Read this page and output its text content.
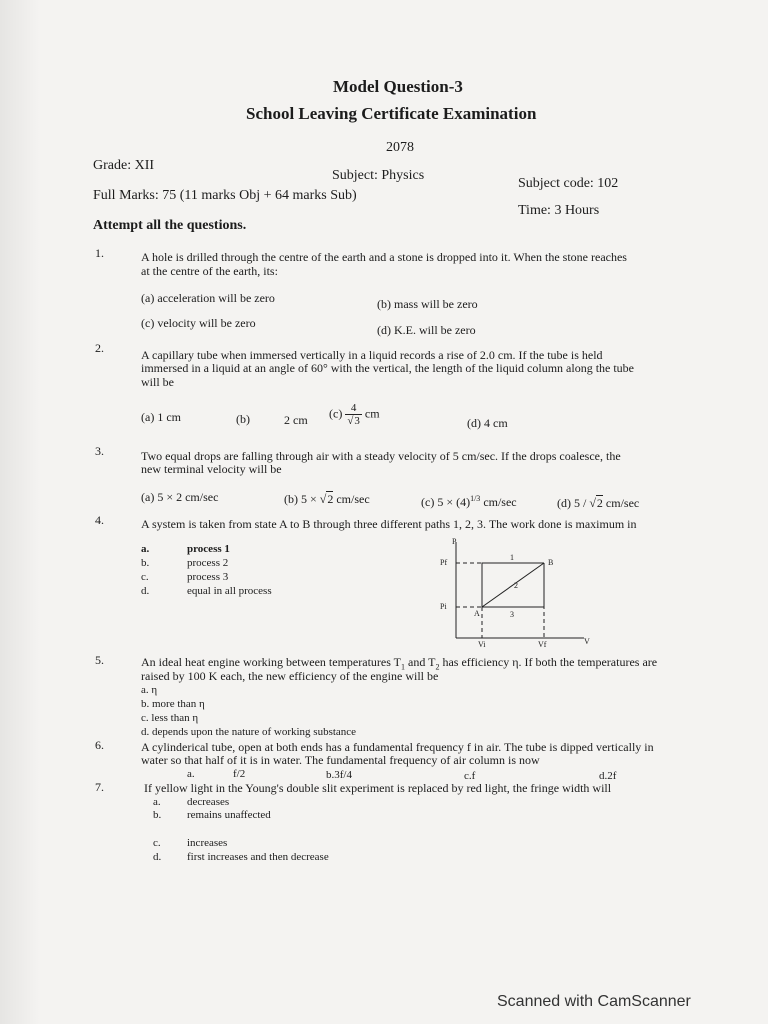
Model Question-3
School Leaving Certificate Examination
2078
Grade: XII
Subject: Physics
Subject code: 102
Full Marks: 75 (11 marks Obj + 64 marks Sub)
Time: 3 Hours
Attempt all the questions.
1.	A hole is drilled through the centre of the earth and a stone is dropped into it. When the stone reaches
at the centre of the earth, its:
(a) acceleration will be zero	(b) mass will be zero
(c) velocity will be zero	(d) K.E. will be zero
2.	A capillary tube when immersed vertically in a liquid records a rise of 2.0 cm. If the tube is held
immersed in a liquid at an angle of 60° with the vertical, the length of the liquid column along the tube
will be
(a) 1 cm	(b)	2 cm $(c) \frac{4}{√3}$ cm
(d) 4 cm
3.	Two equal drops are falling through air with a steady velocity of 5 cm/sec. If the drops coalesce, the
new terminal velocity will be
(a) 5 × 2 cm/sec	(b) 5 × √2 cm/sec	(c) $5 \times (4)^{1/3}$ cm/sec	(d) 5 / √2 cm/sec
4.	A system is taken from state A to B through three different paths 1, 2, 3. The work done is maximum in
a.	process 1
b.	process 2
c.	process 3
d.	equal in all process
P
V
Pf
Pi
Vi	Vf
A
B
1
2
3
5.	An ideal heat engine working between temperatures $T_1$ and $T_2$ has efficiency η. If both the temperatures are
raised by 100 K each, the new efficiency of the engine will be
a. η
b. more than η
c. less than η
d. depends upon the nature of working substance
6.	A cylinderical tube, open at both ends has a fundamental frequency f in air. The tube is dipped vertically in
water so that half of it is in water. The fundamental frequency of air column is now
a.	f/2	b.3f/4	c.f	d.2f
7.	If yellow light in the Young's double slit experiment is replaced by red light, the fringe width will
a. decreases
b. remains unaffected
c. increases
d. first increases and then decrease
Scanned with CamScanner
